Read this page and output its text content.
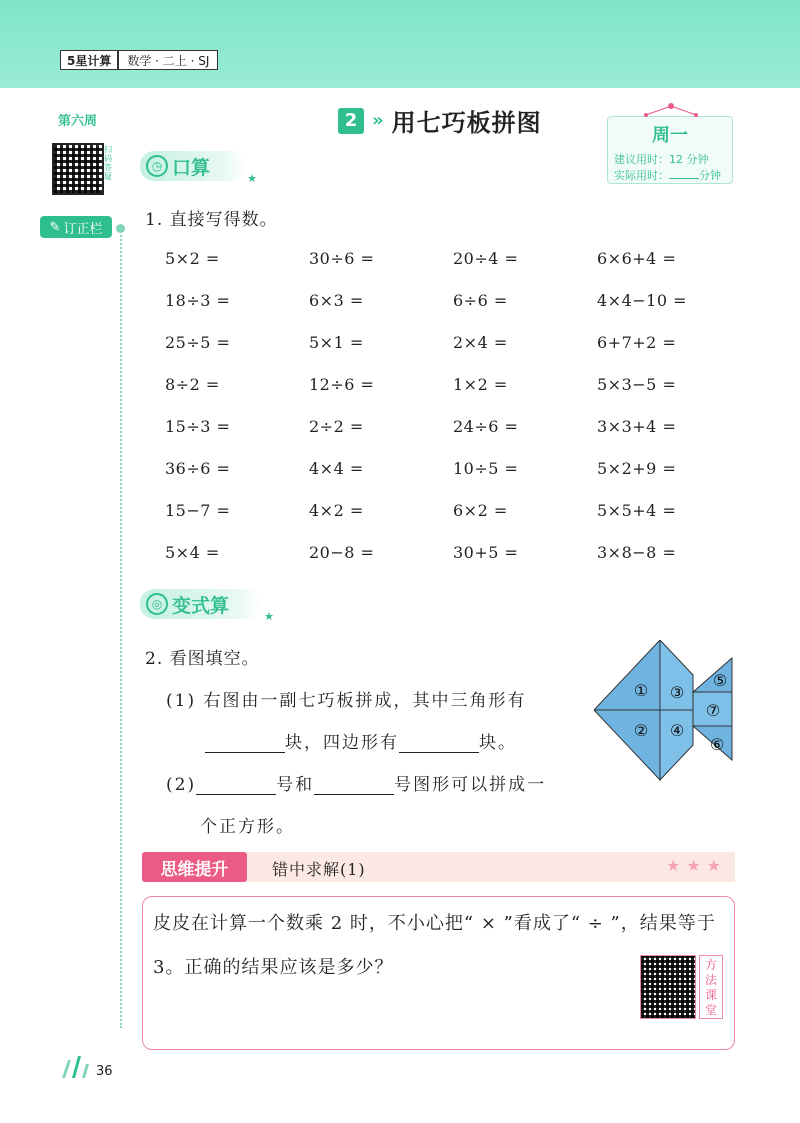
5星计算	数学 · 二上 · SJ
第六周
扫码答疑
✎ 订正栏
2 » 用七巧板拼图	周一
建议用时：12 分钟
实际用时：	分钟
◷ 口算	★
1. 直接写得数。
5×2 =	30÷6 =	20÷4 =	6×6+4 =
18÷3 =	6×3 =	6÷6 =	4×4−10 =
25÷5 =	5×1 =	2×4 =	6+7+2 =
8÷2 =	12÷6 =	1×2 =	5×3−5 =
15÷3 =	2÷2 =	24÷6 =	3×3+4 =
36÷6 =	4×4 =	10÷5 =	5×2+9 =
15−7 =	4×2 =	6×2 =	5×5+4 =
5×4 =	20−8 =	30+5 =	3×8−8 =
◎ 变式算	★
2. 看图填空。
(1) 右图由一副七巧板拼成，其中三角形有
块，四边形有	块。
(2)	号和	号图形可以拼成一
个正方形。
①
②
③
④
⑤
⑥
⑦
思维提升	错中求解(1)	★★★
皮皮在计算一个数乘 2 时，不小心把“ × ”看成了“ ÷ ”，结果等于
3。正确的结果应该是多少？	方法课堂
36
